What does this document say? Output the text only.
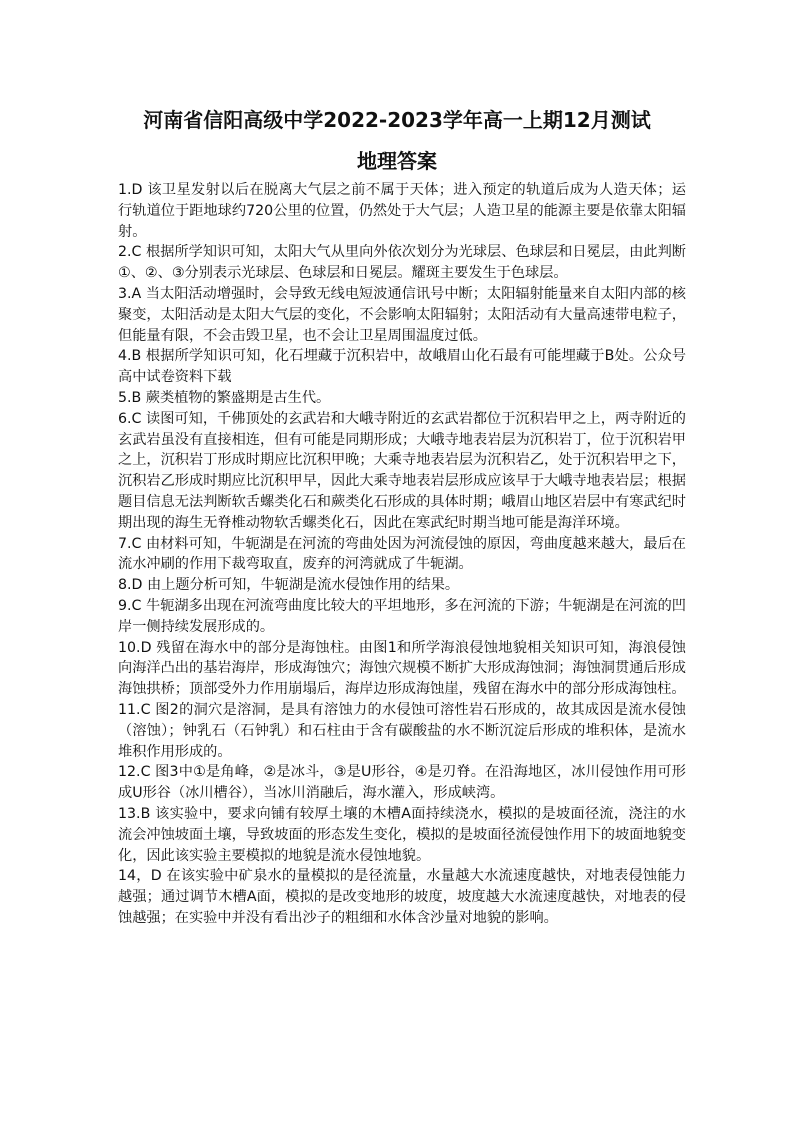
河南省信阳高级中学2022-2023学年高一上期12月测试
地理答案

1.D 该卫星发射以后在脱离大气层之前不属于天体；进入预定的轨道后成为人造天体；运行轨道位于距地球约720公里的位置，仍然处于大气层；人造卫星的能源主要是依靠太阳辐射。

2.C 根据所学知识可知，太阳大气从里向外依次划分为光球层、色球层和日冕层，由此判断①、②、③分别表示光球层、色球层和日冕层。耀斑主要发生于色球层。

3.A 当太阳活动增强时，会导致无线电短波通信讯号中断；太阳辐射能量来自太阳内部的核聚变，太阳活动是太阳大气层的变化，不会影响太阳辐射；太阳活动有大量高速带电粒子，但能量有限，不会击毁卫星，也不会让卫星周围温度过低。

4.B 根据所学知识可知，化石埋藏于沉积岩中，故峨眉山化石最有可能埋藏于B处。公众号高中试卷资料下载

5.B 蕨类植物的繁盛期是古生代。

6.C 读图可知，千佛顶处的玄武岩和大峨寺附近的玄武岩都位于沉积岩甲之上，两寺附近的玄武岩虽没有直接相连，但有可能是同期形成；大峨寺地表岩层为沉积岩丁，位于沉积岩甲之上，沉积岩丁形成时期应比沉积甲晚；大乘寺地表岩层为沉积岩乙，处于沉积岩甲之下，沉积岩乙形成时期应比沉积甲早，因此大乘寺地表岩层形成应该早于大峨寺地表岩层；根据题目信息无法判断软舌螺类化石和蕨类化石形成的具体时期；峨眉山地区岩层中有寒武纪时期出现的海生无脊椎动物软舌螺类化石，因此在寒武纪时期当地可能是海洋环境。

7.C 由材料可知，牛轭湖是在河流的弯曲处因为河流侵蚀的原因，弯曲度越来越大，最后在流水冲刷的作用下裁弯取直，废弃的河湾就成了牛轭湖。

8.D 由上题分析可知，牛轭湖是流水侵蚀作用的结果。

9.C 牛轭湖多出现在河流弯曲度比较大的平坦地形，多在河流的下游；牛轭湖是在河流的凹岸一侧持续发展形成的。

10.D 残留在海水中的部分是海蚀柱。由图1和所学海浪侵蚀地貌相关知识可知，海浪侵蚀向海洋凸出的基岩海岸，形成海蚀穴；海蚀穴规模不断扩大形成海蚀洞；海蚀洞贯通后形成海蚀拱桥；顶部受外力作用崩塌后，海岸边形成海蚀崖，残留在海水中的部分形成海蚀柱。

11.C 图2的洞穴是溶洞，是具有溶蚀力的水侵蚀可溶性岩石形成的，故其成因是流水侵蚀（溶蚀）；钟乳石（石钟乳）和石柱由于含有碳酸盐的水不断沉淀后形成的堆积体，是流水堆积作用形成的。

12.C 图3中①是角峰，②是冰斗，③是U形谷，④是刃脊。在沿海地区，冰川侵蚀作用可形成U形谷（冰川槽谷），当冰川消融后，海水灌入，形成峡湾。

13.B 该实验中，要求向铺有较厚土壤的木槽A面持续浇水，模拟的是坡面径流，浇注的水流会冲蚀坡面土壤，导致坡面的形态发生变化，模拟的是坡面径流侵蚀作用下的坡面地貌变化，因此该实验主要模拟的地貌是流水侵蚀地貌。

14，D 在该实验中矿泉水的量模拟的是径流量，水量越大水流速度越快，对地表侵蚀能力越强；通过调节木槽A面，模拟的是改变地形的坡度，坡度越大水流速度越快，对地表的侵蚀越强；在实验中并没有看出沙子的粗细和水体含沙量对地貌的影响。
